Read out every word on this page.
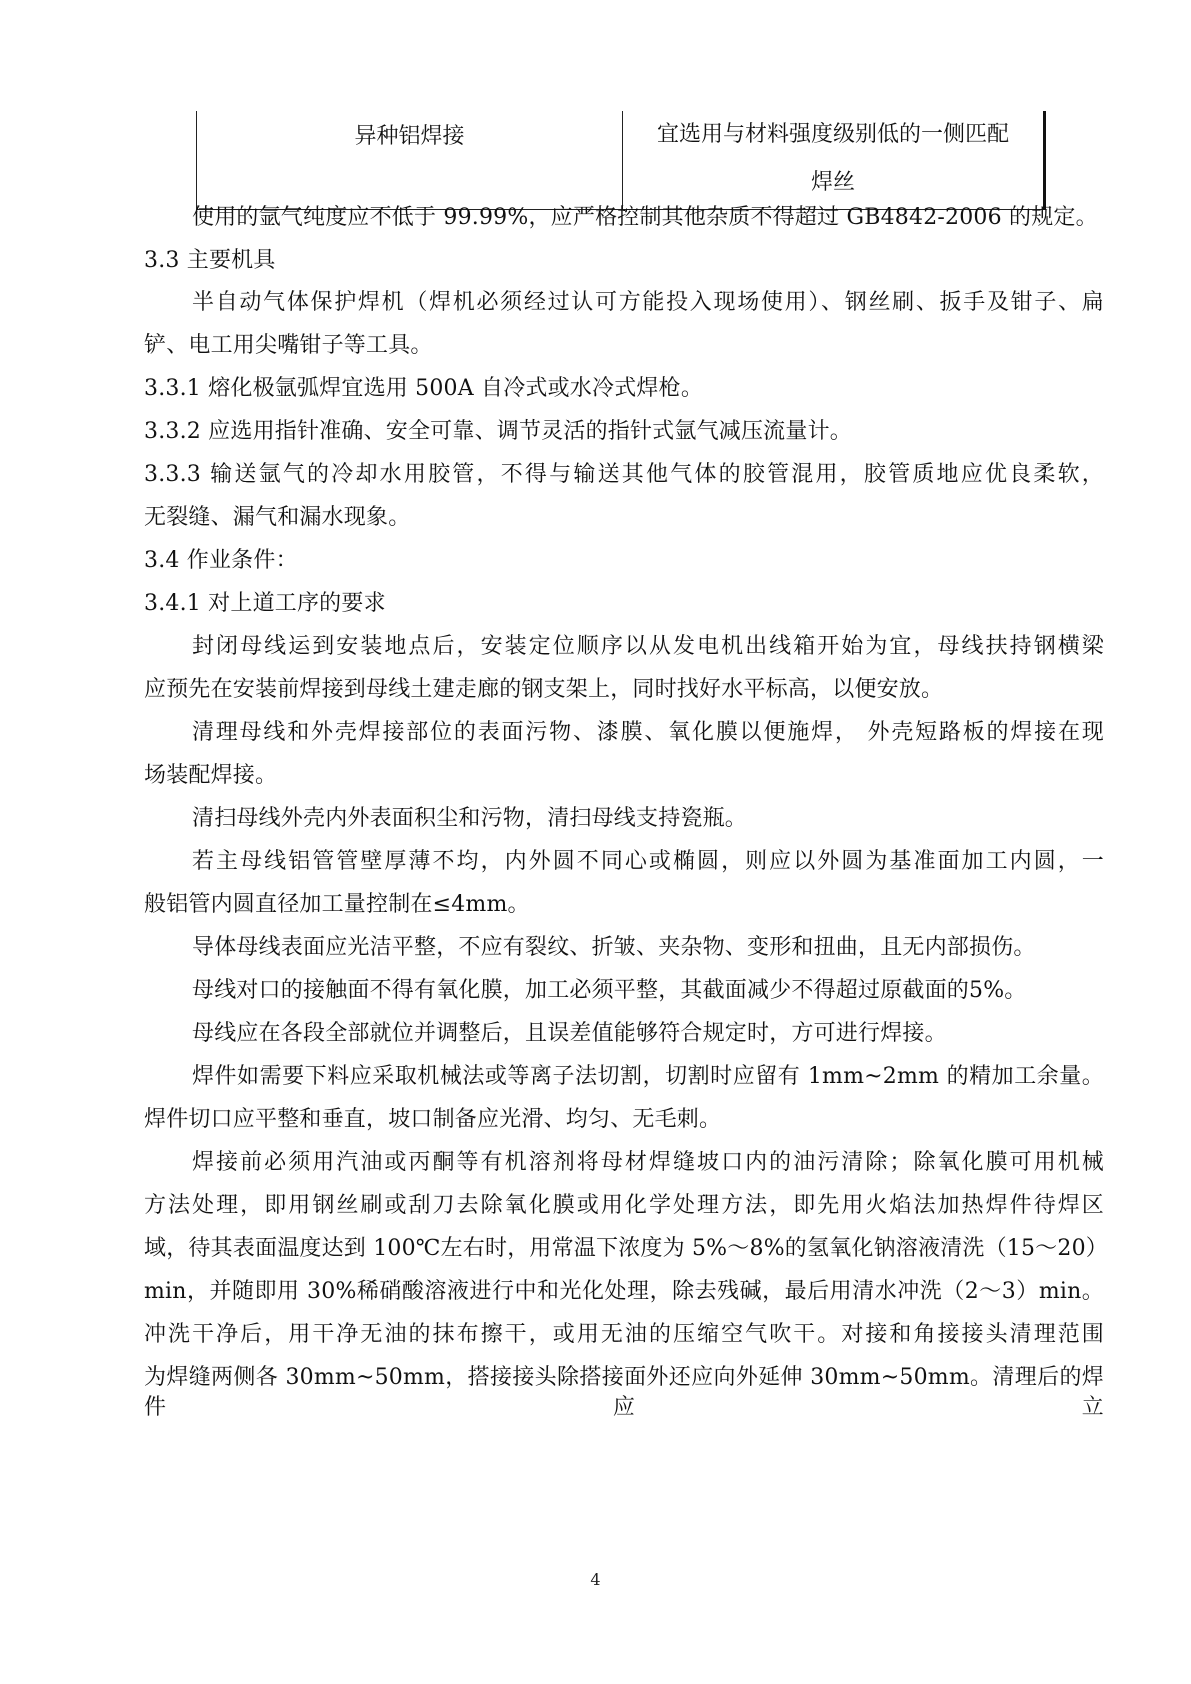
异种铝焊接	宜选用与材料强度级别低的一侧匹配
焊丝
使用的氩气纯度应不低于 99.99%，应严格控制其他杂质不得超过 GB4842-2006 的规定。
3.3 主要机具
半自动气体保护焊机（焊机必须经过认可方能投入现场使用）、钢丝刷、扳手及钳子、扁
铲、电工用尖嘴钳子等工具。
3.3.1 熔化极氩弧焊宜选用 500A 自冷式或水冷式焊枪。
3.3.2 应选用指针准确、安全可靠、调节灵活的指针式氩气减压流量计。
3.3.3 输送氩气的冷却水用胶管，不得与输送其他气体的胶管混用，胶管质地应优良柔软，
无裂缝、漏气和漏水现象。
3.4 作业条件：
3.4.1 对上道工序的要求
封闭母线运到安装地点后，安装定位顺序以从发电机出线箱开始为宜，母线扶持钢横梁
应预先在安装前焊接到母线土建走廊的钢支架上，同时找好水平标高，以便安放。
清理母线和外壳焊接部位的表面污物、漆膜、氧化膜以便施焊， 外壳短路板的焊接在现
场装配焊接。
清扫母线外壳内外表面积尘和污物，清扫母线支持瓷瓶。
若主母线铝管管壁厚薄不均，内外圆不同心或椭圆，则应以外圆为基准面加工内圆，一
般铝管内圆直径加工量控制在≤4mm。
导体母线表面应光洁平整，不应有裂纹、折皱、夹杂物、变形和扭曲，且无内部损伤。
母线对口的接触面不得有氧化膜，加工必须平整，其截面减少不得超过原截面的5%。
母线应在各段全部就位并调整后，且误差值能够符合规定时，方可进行焊接。
焊件如需要下料应采取机械法或等离子法切割，切割时应留有 1mm~2mm 的精加工余量。
焊件切口应平整和垂直，坡口制备应光滑、均匀、无毛刺。
焊接前必须用汽油或丙酮等有机溶剂将母材焊缝坡口内的油污清除；除氧化膜可用机械
方法处理，即用钢丝刷或刮刀去除氧化膜或用化学处理方法，即先用火焰法加热焊件待焊区
域，待其表面温度达到 100℃左右时，用常温下浓度为 5%～8%的氢氧化钠溶液清洗（15～20）
min，并随即用 30%稀硝酸溶液进行中和光化处理，除去残碱，最后用清水冲洗（2～3）min。
冲洗干净后，用干净无油的抹布擦干，或用无油的压缩空气吹干。对接和角接接头清理范围
为焊缝两侧各 30mm~50mm，搭接接头除搭接面外还应向外延伸 30mm~50mm。清理后的焊件应立
4
